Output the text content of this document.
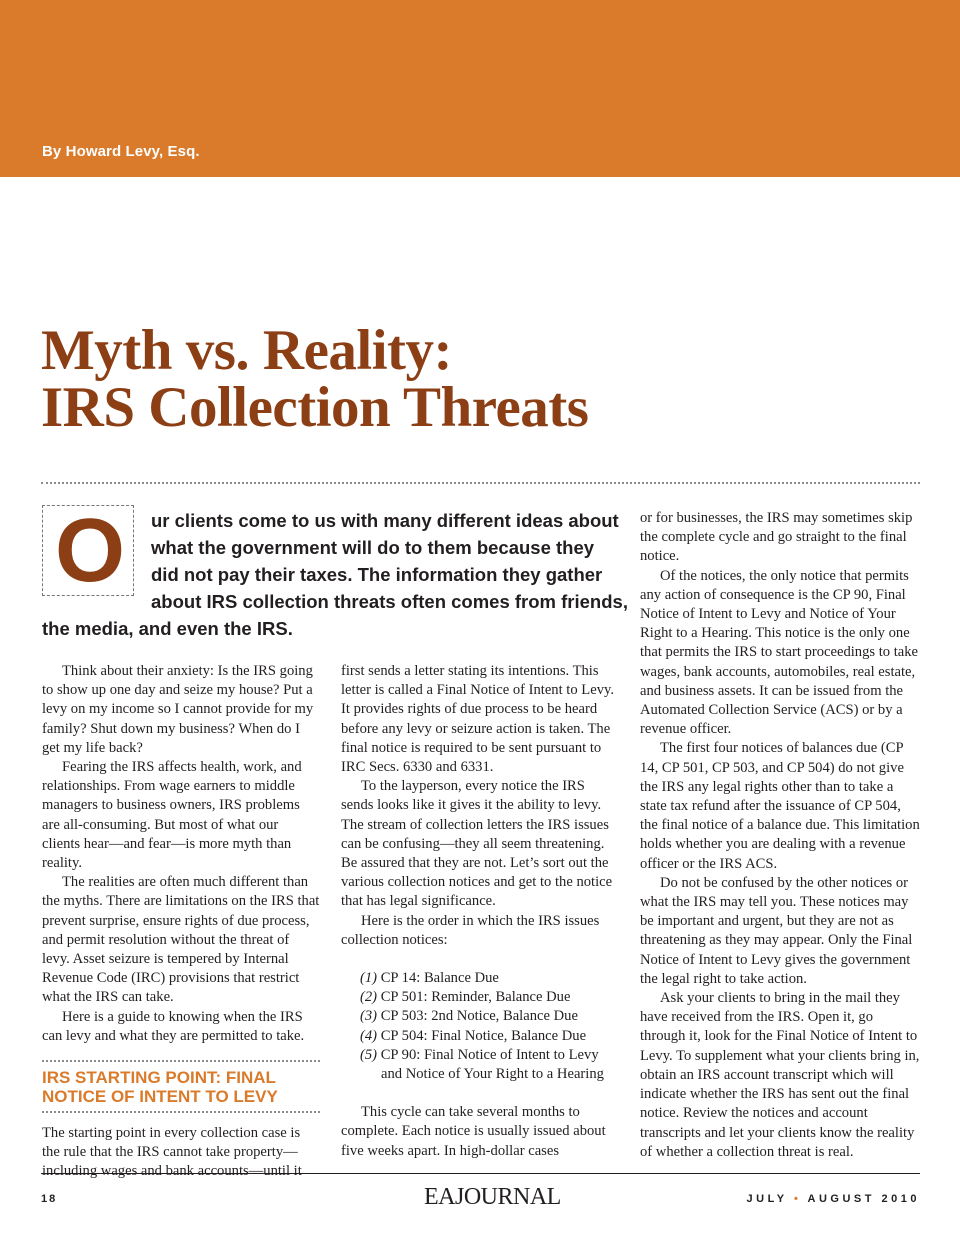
By Howard Levy, Esq.
Myth vs. Reality:
IRS Collection Threats
O ur clients come to us with many different ideas about
what the government will do to them because they
did not pay their taxes. The information they gather
about IRS collection threats often comes from friends,
the media, and even the IRS.

Think about their anxiety: Is the IRS going to show up one day and seize my house? Put a levy on my income so I cannot provide for my family? Shut down my business? When do I get my life back?

Fearing the IRS affects health, work, and relationships. From wage earners to middle managers to business owners, IRS problems are all-consuming. But most of what our clients hear—and fear—is more myth than reality.

The realities are often much different than the myths. There are limitations on the IRS that prevent surprise, ensure rights of due process, and permit resolution without the threat of levy. Asset seizure is tempered by Internal Revenue Code (IRC) provisions that restrict what the IRS can take.

Here is a guide to knowing when the IRS can levy and what they are permitted to take.

IRS STARTING POINT: FINAL
NOTICE OF INTENT TO LEVY

The starting point in every collection case is the rule that the IRS cannot take property—including wages and bank accounts—until it

first sends a letter stating its intentions. This letter is called a Final Notice of Intent to Levy. It provides rights of due process to be heard before any levy or seizure action is taken. The final notice is required to be sent pursuant to IRC Secs. 6330 and 6331.

To the layperson, every notice the IRS sends looks like it gives it the ability to levy. The stream of collection letters the IRS issues can be confusing—they all seem threatening. Be assured that they are not. Let’s sort out the various collection notices and get to the notice that has legal significance.

Here is the order in which the IRS issues collection notices:

(1) CP 14: Balance Due
(2) CP 501: Reminder, Balance Due
(3) CP 503: 2nd Notice, Balance Due
(4) CP 504: Final Notice, Balance Due
(5) CP 90: Final Notice of Intent to Levy
and Notice of Your Right to a Hearing

This cycle can take several months to complete. Each notice is usually issued about five weeks apart. In high-dollar cases

or for businesses, the IRS may sometimes skip the complete cycle and go straight to the final notice.

Of the notices, the only notice that permits any action of consequence is the CP 90, Final Notice of Intent to Levy and Notice of Your Right to a Hearing. This notice is the only one that permits the IRS to start proceedings to take wages, bank accounts, automobiles, real estate, and business assets. It can be issued from the Automated Collection Service (ACS) or by a revenue officer.

The first four notices of balances due (CP 14, CP 501, CP 503, and CP 504) do not give the IRS any legal rights other than to take a state tax refund after the issuance of CP 504, the final notice of a balance due. This limitation holds whether you are dealing with a revenue officer or the IRS ACS.

Do not be confused by the other notices or what the IRS may tell you. These notices may be important and urgent, but they are not as threatening as they may appear. Only the Final Notice of Intent to Levy gives the government the legal right to take action.

Ask your clients to bring in the mail they have received from the IRS. Open it, go through it, look for the Final Notice of Intent to Levy. To supplement what your clients bring in, obtain an IRS account transcript which will indicate whether the IRS has sent out the final notice. Review the notices and account transcripts and let your clients know the reality of whether a collection threat is real.

18	EAJOURNAL	JULY • AUGUST 2010
